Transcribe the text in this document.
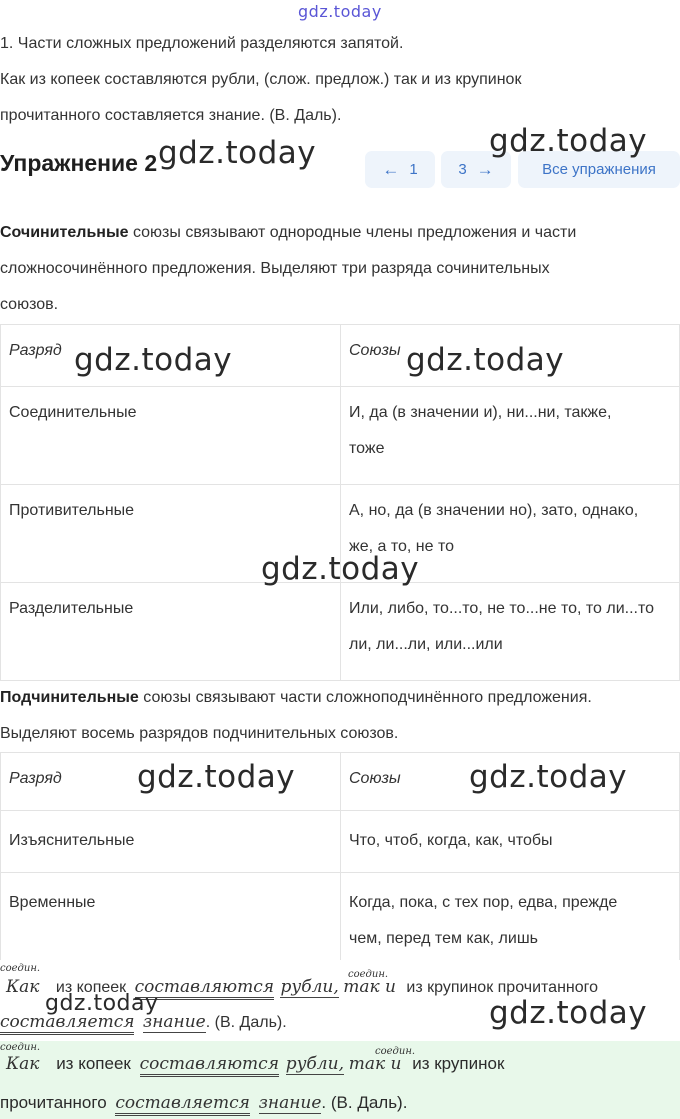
gdz.today
1. Части сложных предложений разделяются запятой.
Как из копеек составляются рубли, (слож. предлож.) так и из крупинок
прочитанного составляется знание. (В. Даль).
Упражнение 2	← 1	3 →	Все упражнения
Сочинительные союзы связывают однородные члены предложения и части
сложносочинённого предложения. Выделяют три разряда сочинительных
союзов.
Разряд	Союзы
Соединительные	И, да (в значении и), ни...ни, также,
тоже

Противительные	А, но, да (в значении но), зато, однако,
же, а то, не то

Разделительные	Или, либо, то...то, не то...не то, то ли...то
ли, ли...ли, или...или
Подчинительные союзы связывают части сложноподчинённого предложения.
Выделяют восемь разрядов подчинительных союзов.
Разряд	Союзы
Изъяснительные	Что, чтоб, когда, как, чтобы
Временные	Когда, пока, с тех пор, едва, прежде
чем, перед тем как, лишь
соедин.
соедин.
Как из копеек составляются рубли, так и из крупинок прочитанного
составляется знание. (В. Даль).
соедин.	соедин.
Как из копеек составляются рубли, так и из крупинок
прочитанного составляется знание. (В. Даль).
gdz.today	gdz.today
gdz.today	gdz.today
gdz.today
gdz.today	gdz.today
gdz.today	gdz.today
